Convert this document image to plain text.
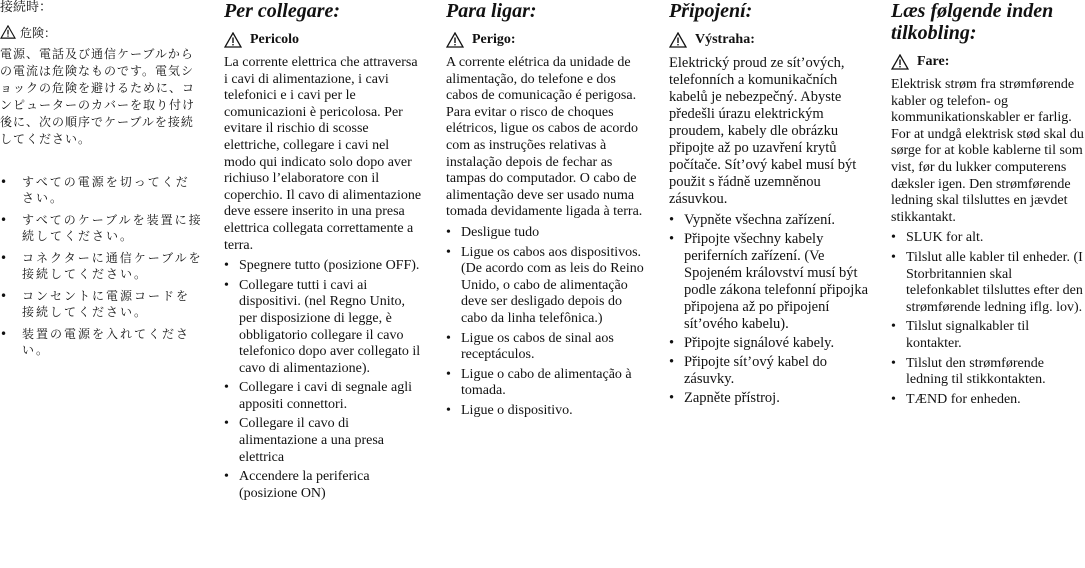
接続時：
危険：
電源、電話及び通信ケーブルからの電流は危険なものです。電気ショックの危険を避けるために、コンピューターのカバーを取り付け後に、次の順序でケーブルを接続してください。
• すべての電源を切ってください。
• すべてのケーブルを装置に接続してください。
• コネクターに通信ケーブルを接続してください。
• コンセントに電源コードを接続してください。
• 装置の電源を入れてください。
Per collegare:
Pericolo
La corrente elettrica che attraversa i cavi di alimentazione, i cavi telefonici e i cavi per le comunicazioni è pericolosa. Per evitare il rischio di scosse elettriche, collegare i cavi nel modo qui indicato solo dopo aver richiuso l’elaboratore con il coperchio. Il cavo di alimentazione deve essere inserito in una presa elettrica collegata correttamente a terra.
• Spegnere tutto (posizione OFF).
• Collegare tutti i cavi ai dispositivi. (nel Regno Unito, per disposizione di legge, è obbligatorio collegare il cavo telefonico dopo aver collegato il cavo di alimentazione).
• Collegare i cavi di segnale agli appositi connettori.
• Collegare il cavo di alimentazione a una presa elettrica
• Accendere la periferica (posizione ON)
Para ligar:
Perigo:
A corrente elétrica da unidade de alimentação, do telefone e dos cabos de comunicação é perigosa. Para evitar o risco de choques elétricos, ligue os cabos de acordo com as instruções relativas à instalação depois de fechar as tampas do computador. O cabo de alimentação deve ser usado numa tomada devidamente ligada à terra.
• Desligue tudo
• Ligue os cabos aos dispositivos. (De acordo com as leis do Reino Unido, o cabo de alimentação deve ser desligado depois do cabo da linha telefônica.)
• Ligue os cabos de sinal aos receptáculos.
• Ligue o cabo de alimentação à tomada.
• Ligue o dispositivo.
Připojení:
Výstraha:
Elektrický proud ze sít’ových, telefonních a komunikačních kabelů je nebezpečný. Abyste předešli úrazu elektrickým proudem, kabely dle obrázku připojte až po uzavření krytů počítače. Sít’ový kabel musí být použit s řádně uzemněnou zásuvkou.
• Vypněte všechna zařízení.
• Připojte všechny kabely periferních zařízení. (Ve Spojeném království musí být podle zákona telefonní připojka připojena až po připojení sít’ového kabelu).
• Připojte signálové kabely.
• Připojte sít’ový kabel do zásuvky.
• Zapněte přístroj.
Læs følgende inden tilkobling:
Fare:
Elektrisk strøm fra strømførende kabler og telefon- og kommunikationskabler er farlig. For at undgå elektrisk stød skal du sørge for at koble kablerne til som vist, før du lukker computerens dæksler igen. Den strømførende ledning skal tilsluttes en jævdet stikkantakt.
• SLUK for alt.
• Tilslut alle kabler til enheder. (I Storbritannien skal telefonkablet tilsluttes efter den strømførende ledning iflg. lov).
• Tilslut signalkabler til kontakter.
• Tilslut den strømførende ledning til stikkontakten.
• TÆND for enheden.
